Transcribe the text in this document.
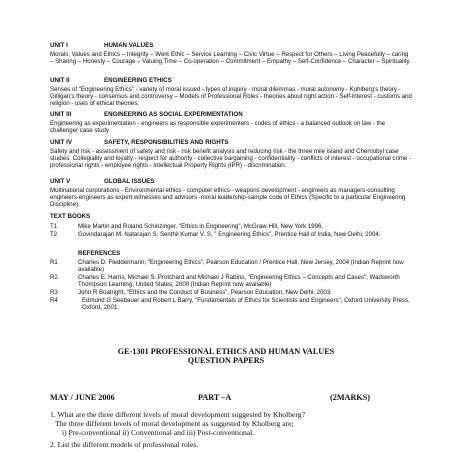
UNIT I	HUMAN VALUES
Morals, Values and Ethics – Integrity – Work Ethic – Service Learning – Civic Virtue – Respect for Others – Living Peacefully – caring – Sharing – Honesty – Courage – Valuing Time – Co-operation – Commitment – Empathy – Self-Confidence – Character – Spirituality.
UNIT II	ENGINEERING ETHICS
Senses of "Engineering Ethics" - variety of moral issued - types of inquiry - moral dilemmas - moral autonomy - Kohlberg's theory - Gilligan's theory - consensus and controversy – Models of Professional Roles - theories about right action - Self-interest - customs and religion - uses of ethical theories.
UNIT III	ENGINEERING AS SOCIAL EXPERIMENTATION
Engineering as experimentation - engineers as responsible experimenters - codes of ethics - a balanced outlook on law - the challenger case study
UNIT IV	SAFETY, RESPONSIBILITIES AND RIGHTS
Safety and risk - assessment of safety and risk - risk benefit analysis and reducing risk - the three mile island and Chernobyl case studies. Collegiality and loyalty - respect for authority - collective bargaining - confidentiality - conflicts of interest - occupational crime - professional rights - employee rights - Intellectual Property Rights (IPR) - discrimination.
UNIT V	GLOBAL ISSUES
Multinational corporations - Environmental ethics - computer ethics - weapons development - engineers as managers-consulting engineers-engineers as expert witnesses and advisors -moral leadership-sample code of Ethics (Specific to a particular Engineering Discipline).
TEXT BOOKS
T1	Mike Martin and Roland Schinzinger, "Ethics in Engineering", McGraw-Hill, New York 1996.
T2	Govindarajan M, Natarajan S, Senthil Kumar V. S, " Engineering Ethics", Prentice Hall of India, New Delhi, 2004.
REFERENCES
R1	Charles D. Fleddermann, "Engineering Ethics", Pearson Education / Prentice Hall, New Jersey, 2004 (Indian Reprint now available)
R2	Charles E. Harris, Michael S. Protchard and Michael J Rabins, "Engineering Ethics – Concepts and Cases", Wadsworth Thompson Learning, United States, 2000 (Indian Reprint now available)
R3	John R Boatright, "Ethics and the Conduct of Business", Pearson Education, New Delhi, 2003.
R4	Edmund G Seebauer and Robert L Barry, "Fundamentals of Ethics for Scientists and Engineers", Oxford University Press, Oxford, 2001.
GE-1301 PROFESSIONAL ETHICS AND HUMAN VALUES
QUESTION PAPERS
MAY / JUNE 2006	PART –A	(2MARKS)
1. What are the three different levels of moral development suggested by Kholberg?
The three different levels of moral development as suggested by Kholberg are;
i) Pre-conventional ii) Conventional and iii) Post-conventional.
2. List the different models of professional roles.
